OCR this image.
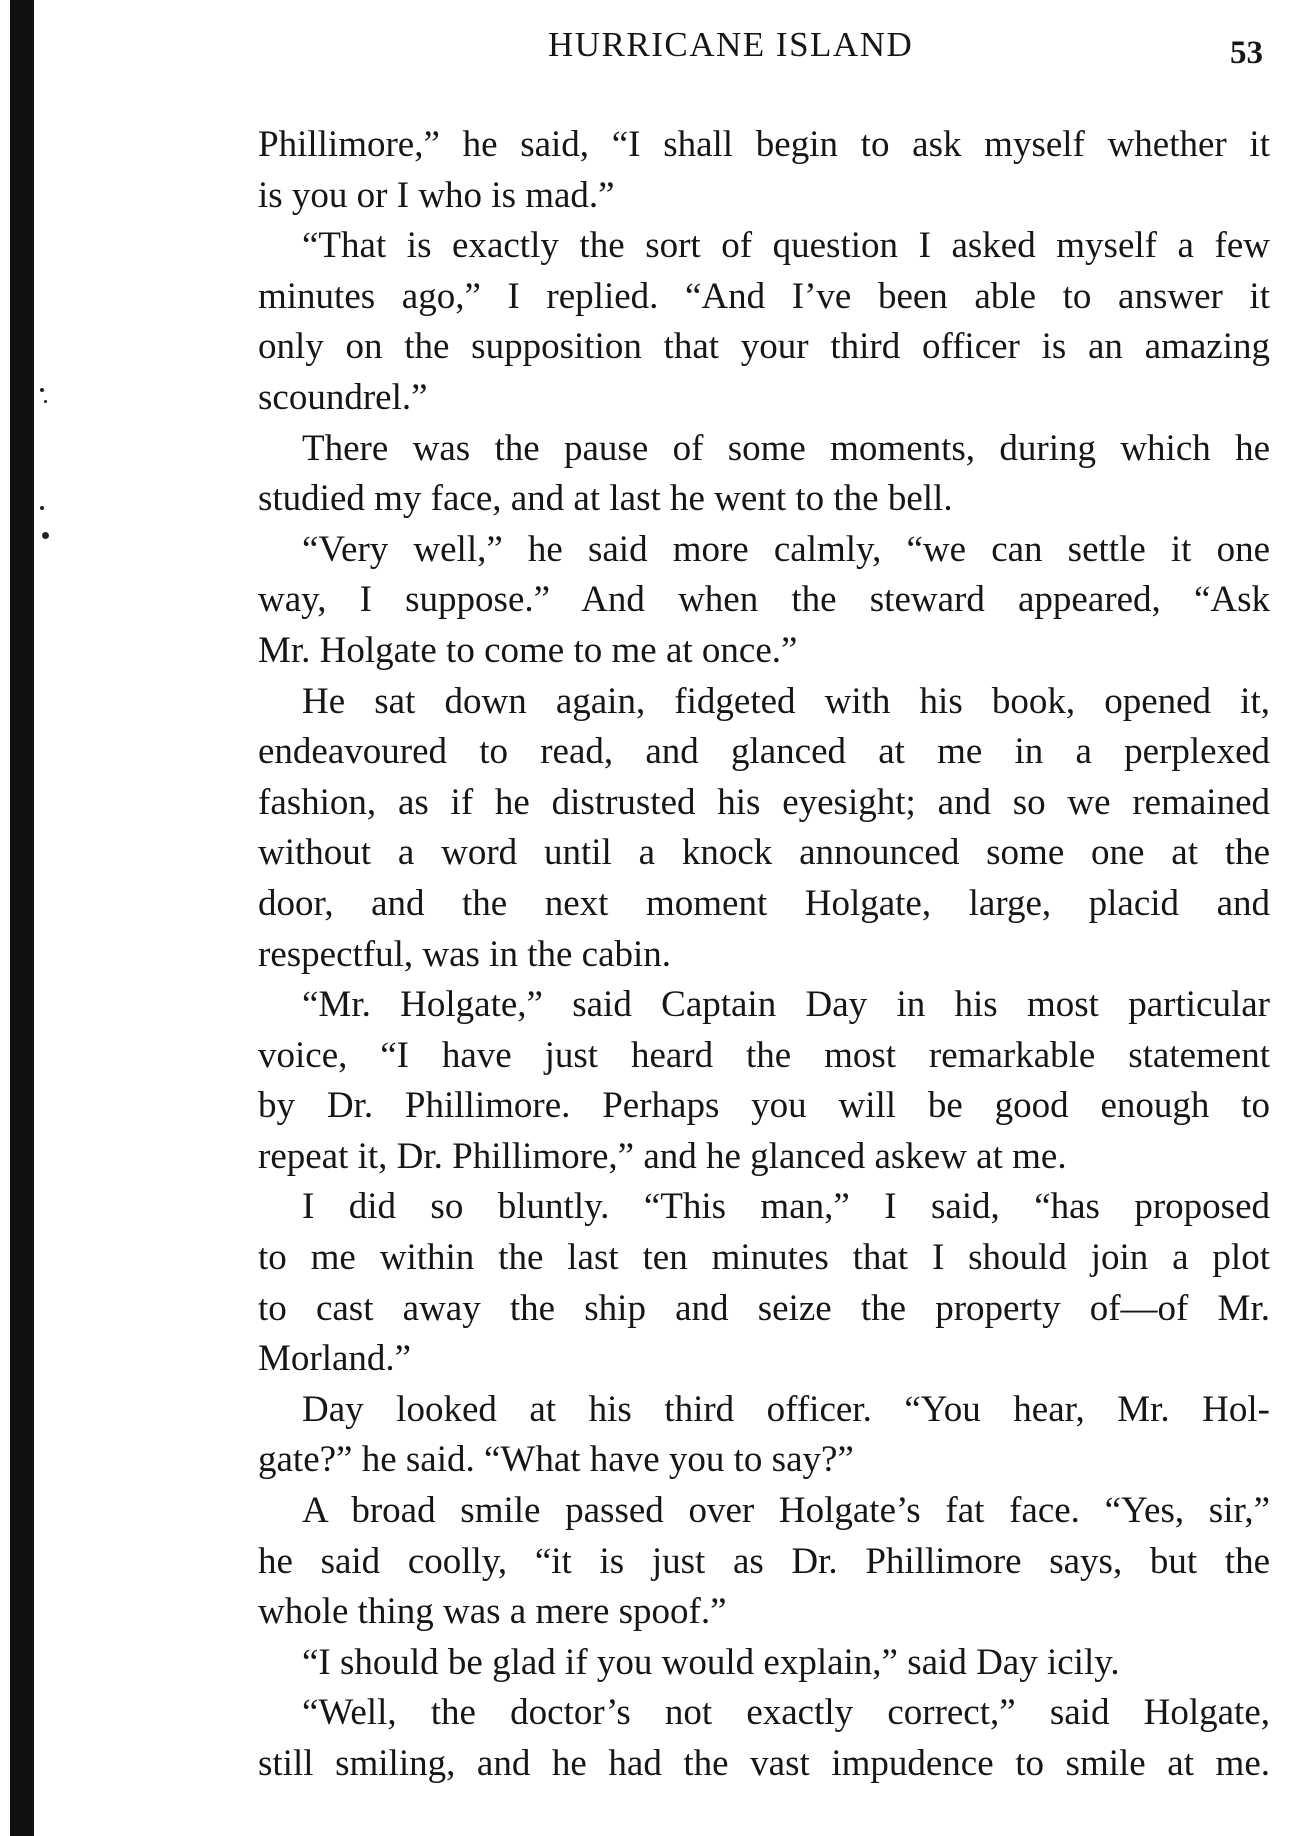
HURRICANE ISLAND	53
Phillimore,” he said, “I shall begin to ask myself whether it
is you or I who is mad.”
“That is exactly the sort of question I asked myself a few
minutes ago,” I replied. “And I’ve been able to answer it
only on the supposition that your third officer is an amazing
scoundrel.”
There was the pause of some moments, during which he
studied my face, and at last he went to the bell.
“Very well,” he said more calmly, “we can settle it one
way, I suppose.” And when the steward appeared, “Ask
Mr. Holgate to come to me at once.”
He sat down again, fidgeted with his book, opened it,
endeavoured to read, and glanced at me in a perplexed
fashion, as if he distrusted his eyesight; and so we remained
without a word until a knock announced some one at the
door, and the next moment Holgate, large, placid and
respectful, was in the cabin.
“Mr. Holgate,” said Captain Day in his most particular
voice, “I have just heard the most remarkable statement
by Dr. Phillimore. Perhaps you will be good enough to
repeat it, Dr. Phillimore,” and he glanced askew at me.
I did so bluntly. “This man,” I said, “has proposed
to me within the last ten minutes that I should join a plot
to cast away the ship and seize the property of—of Mr.
Morland.”
Day looked at his third officer. “You hear, Mr. Hol-
gate?” he said. “What have you to say?”
A broad smile passed over Holgate’s fat face. “Yes, sir,”
he said coolly, “it is just as Dr. Phillimore says, but the
whole thing was a mere spoof.”
“I should be glad if you would explain,” said Day icily.
“Well, the doctor’s not exactly correct,” said Holgate,
still smiling, and he had the vast impudence to smile at me.
